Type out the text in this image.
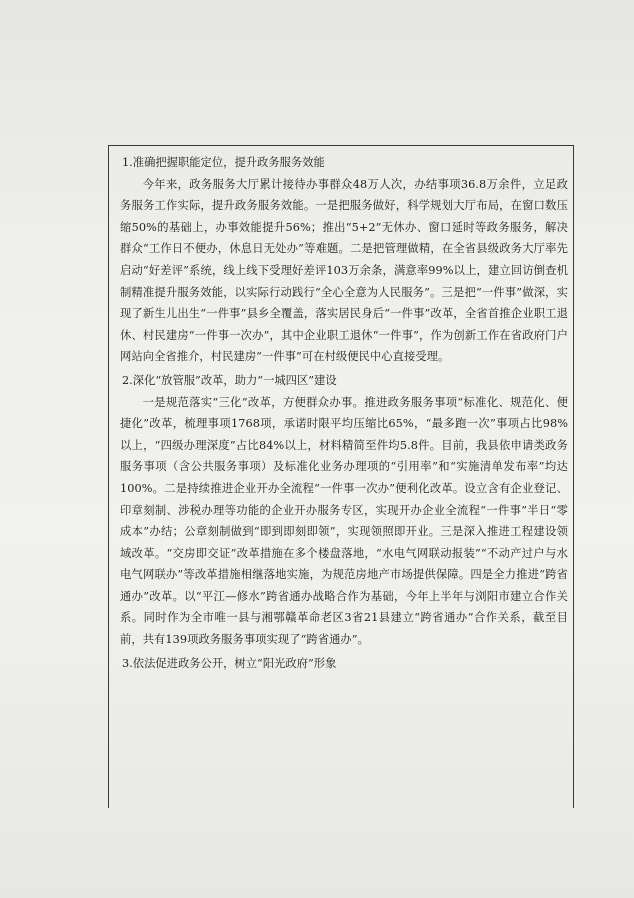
1.准确把握职能定位，提升政务服务效能

今年来，政务服务大厅累计接待办事群众48万人次，办结事项36.8万余件，立足政务服务工作实际，提升政务服务效能。一是把服务做好，科学规划大厅布局，在窗口数压缩50%的基础上，办事效能提升56%；推出“5+2”无休办、窗口延时等政务服务，解决群众“工作日不便办，休息日无处办”等难题。二是把管理做精，在全省县级政务大厅率先启动“好差评”系统，线上线下受理好差评103万余条，满意率99%以上，建立回访倒查机制精准提升服务效能，以实际行动践行“全心全意为人民服务”。三是把“一件事”做深，实现了新生儿出生“一件事”县乡全覆盖，落实居民身后“一件事”改革，全省首推企业职工退休、村民建房“一件事一次办”，其中企业职工退休“一件事”，作为创新工作在省政府门户网站向全省推介，村民建房“一件事”可在村级便民中心直接受理。

2.深化“放管服”改革，助力“一城四区”建设

一是规范落实“三化”改革，方便群众办事。推进政务服务事项“标准化、规范化、便捷化”改革，梳理事项1768项，承诺时限平均压缩比65%，“最多跑一次”事项占比98%以上，“四级办理深度”占比84%以上，材料精简至件均5.8件。目前，我县依申请类政务服务事项（含公共服务事项）及标准化业务办理项的“引用率”和“实施清单发布率”均达100%。二是持续推进企业开办全流程“一件事一次办”便利化改革。设立含有企业登记、印章刻制、涉税办理等功能的企业开办服务专区，实现开办企业全流程“一件事”半日“零成本”办结；公章刻制做到“即到即刻即领”，实现领照即开业。三是深入推进工程建设领域改革。“交房即交证”改革措施在多个楼盘落地，“水电气网联动报装”“不动产过户与水电气网联办”等改革措施相继落地实施，为规范房地产市场提供保障。四是全力推进“跨省通办”改革。以“平江—修水”跨省通办战略合作为基础，今年上半年与浏阳市建立合作关系。同时作为全市唯一县与湘鄂赣革命老区3省21县建立“跨省通办”合作关系，截至目前，共有139项政务服务事项实现了“跨省通办”。

3.依法促进政务公开，树立“阳光政府”形象
